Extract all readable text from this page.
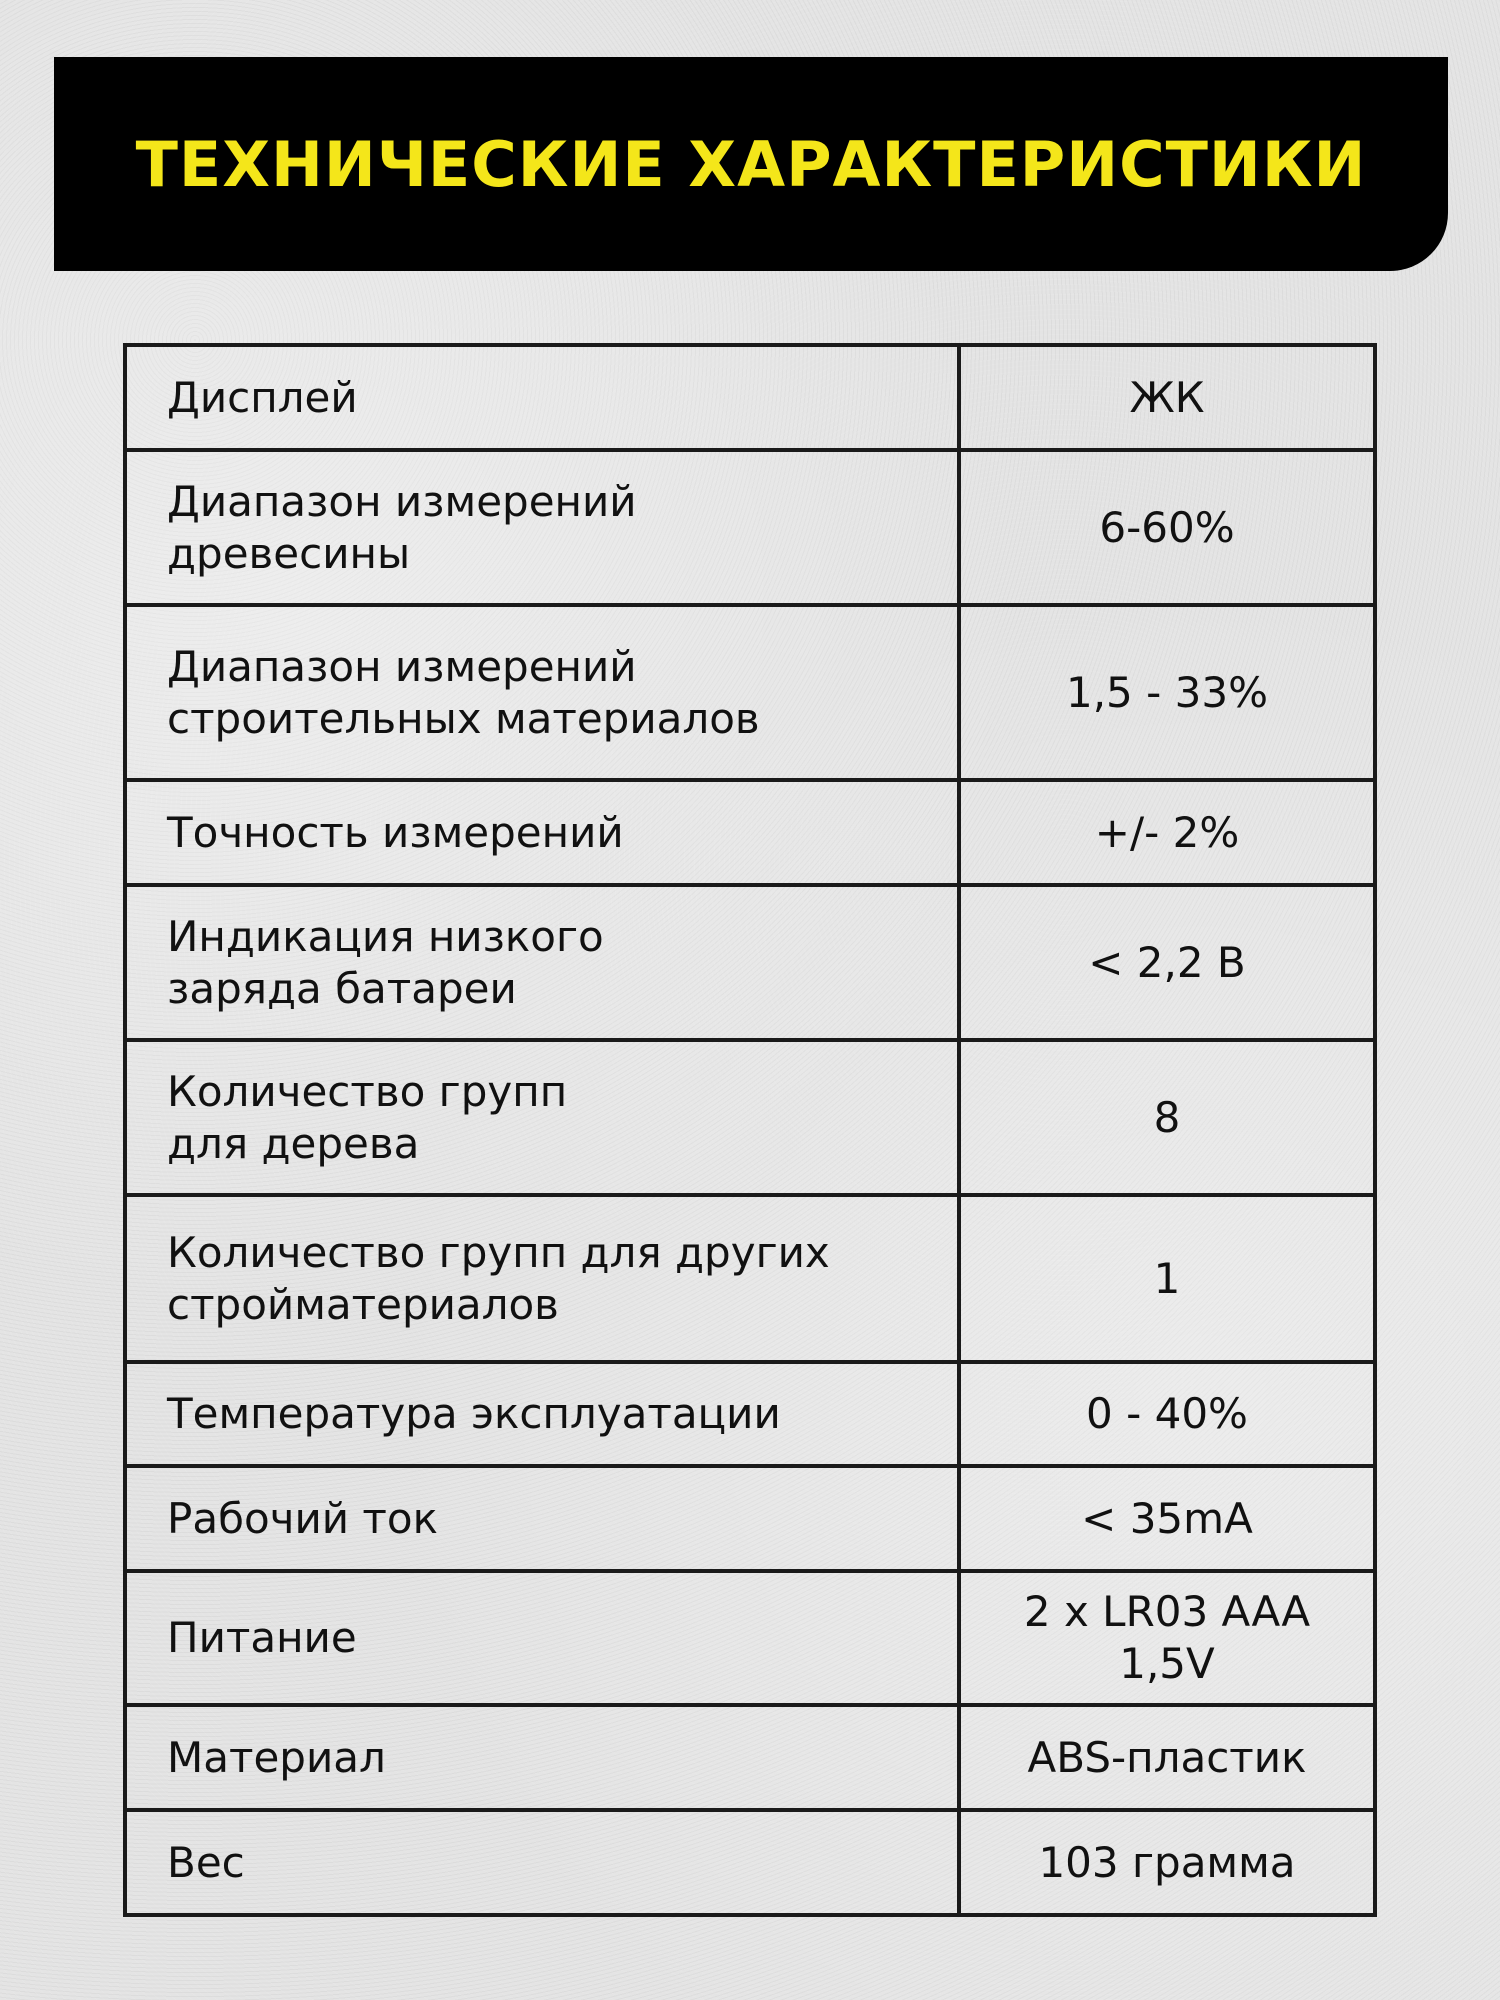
ТЕХНИЧЕСКИЕ ХАРАКТЕРИСТИКИ
Дисплей	ЖК
Диапазон измерений
древесины	6-60%
Диапазон измерений
строительных материалов	1,5 - 33%
Точность измерений	+/- 2%
Индикация низкого
заряда батареи	< 2,2 В
Количество групп
для дерева	8
Количество групп для других
стройматериалов	1
Температура эксплуатации	0 - 40%
Рабочий ток	< 35mA
Питание	2 x LR03 AAA
1,5V
Материал	ABS-пластик
Вес	103 грамма
